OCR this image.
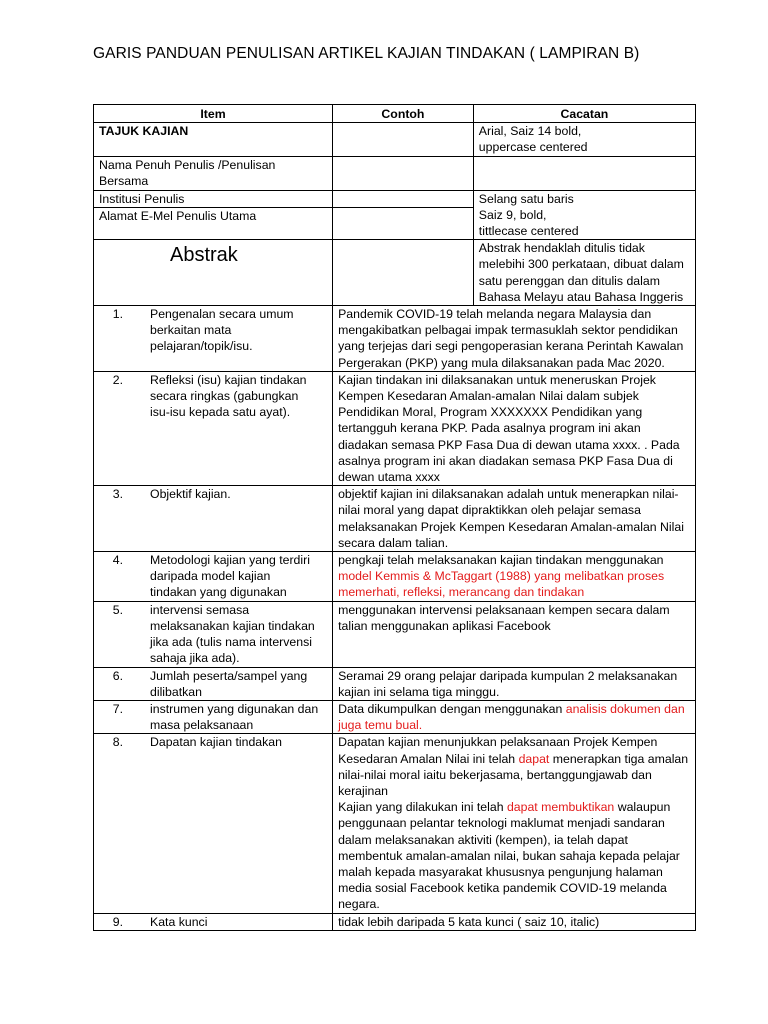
GARIS PANDUAN PENULISAN ARTIKEL KAJIAN TINDAKAN ( LAMPIRAN B)
Item	Contoh	Cacatan
TAJUK KAJIAN		Arial, Saiz 14 bold,
uppercase centered

Nama Penuh Penulis /Penulisan Bersama		
Institusi Penulis		Selang satu baris
Saiz 9, bold,
tittlecase centered

Alamat E-Mel Penulis Utama		
Abstrak		Abstrak hendaklah ditulis tidak melebihi 300 perkataan, dibuat dalam satu perenggan dan ditulis dalam Bahasa Melayu atau Bahasa Inggeris
1. Pengenalan secara umum berkaitan mata pelajaran/topik/isu.	Pandemik COVID-19 telah melanda negara Malaysia dan mengakibatkan pelbagai impak termasuklah sektor pendidikan yang terjejas dari segi pengoperasian kerana Perintah Kawalan Pergerakan (PKP) yang mula dilaksanakan pada Mac 2020.	
2. Refleksi (isu) kajian tindakan secara ringkas (gabungkan isu-isu kepada satu ayat).	Kajian tindakan ini dilaksanakan untuk meneruskan Projek Kempen Kesedaran Amalan-amalan Nilai dalam subjek Pendidikan Moral, Program XXXXXXX Pendidikan yang tertangguh kerana PKP. Pada asalnya program ini akan diadakan semasa PKP Fasa Dua di dewan utama xxxx. . Pada asalnya program ini akan diadakan semasa PKP Fasa Dua di dewan utama xxxx	
3. Objektif kajian.	objektif kajian ini dilaksanakan adalah untuk menerapkan nilai-nilai moral yang dapat dipraktikkan oleh pelajar semasa melaksanakan Projek Kempen Kesedaran Amalan-amalan Nilai secara dalam talian.	
4. Metodologi kajian yang terdiri daripada model kajian tindakan yang digunakan	pengkaji telah melaksanakan kajian tindakan menggunakan model Kemmis & McTaggart (1988) yang melibatkan proses memerhati, refleksi, merancang dan tindakan	
5. intervensi semasa melaksanakan kajian tindakan jika ada (tulis nama intervensi sahaja jika ada).	menggunakan intervensi pelaksanaan kempen secara dalam talian menggunakan aplikasi Facebook	
6.Jumlah peserta/sampel yang dilibatkan	Seramai 29 orang pelajar daripada kumpulan 2 melaksanakan kajian ini selama tiga minggu.	
7. instrumen yang digunakan dan masa pelaksanaan	Data dikumpulkan dengan menggunakan analisis dokumen dan juga temu bual.	
8. Dapatan kajian tindakan	Dapatan kajian menunjukkan pelaksanaan Projek Kempen Kesedaran Amalan Nilai ini telah dapat menerapkan tiga amalan nilai-nilai moral iaitu bekerjasama, bertanggungjawab dan kerajinan
Kajian yang dilakukan ini telah dapat membuktikan walaupun penggunaan pelantar teknologi maklumat menjadi sandaran dalam melaksanakan aktiviti (kempen), ia telah dapat membentuk amalan-amalan nilai, bukan sahaja kepada pelajar malah kepada masyarakat khususnya pengunjung halaman media sosial Facebook ketika pandemik COVID-19 melanda negara.	

9. Kata kunci	tidak lebih daripada 5 kata kunci ( saiz 10, italic)	
